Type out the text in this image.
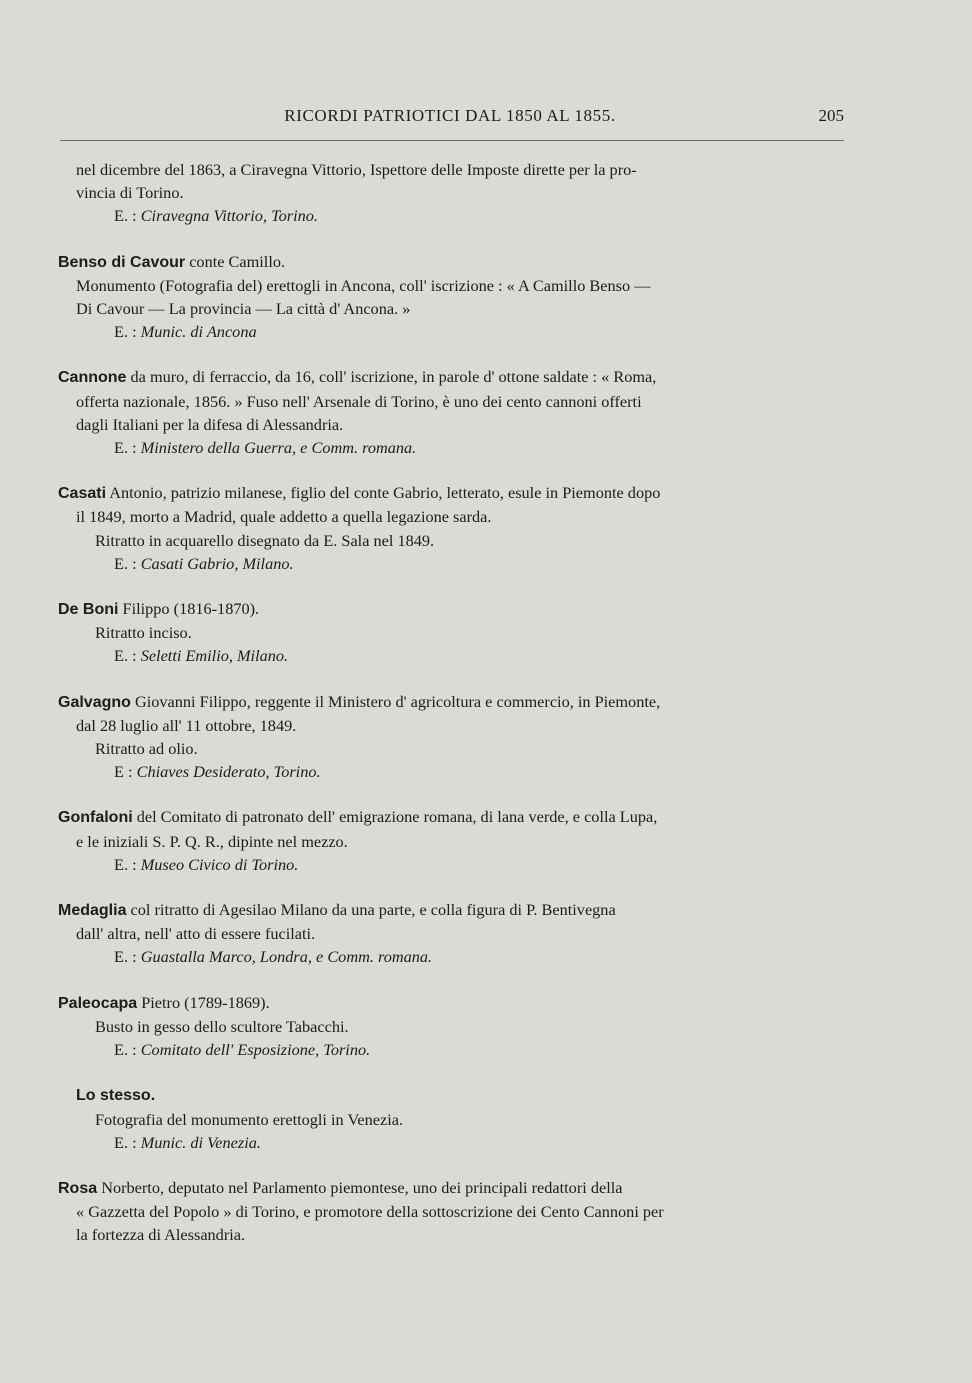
RICORDI PATRIOTICI DAL 1850 AL 1855.	205

nel dicembre del 1863, a Ciravegna Vittorio, Ispettore delle Imposte dirette per la pro-

vincia di Torino.

E. : Ciravegna Vittorio, Torino.

Benso di Cavour conte Camillo.

Monumento (Fotografia del) erettogli in Ancona, coll' iscrizione : « A Camillo Benso —

Di Cavour — La provincia — La città d' Ancona. »

E. : Munic. di Ancona

Cannone da muro, di ferraccio, da 16, coll' iscrizione, in parole d' ottone saldate : « Roma,

offerta nazionale, 1856. » Fuso nell' Arsenale di Torino, è uno dei cento cannoni offerti

dagli Italiani per la difesa di Alessandria.

E. : Ministero della Guerra, e Comm. romana.

Casati Antonio, patrizio milanese, figlio del conte Gabrio, letterato, esule in Piemonte dopo

il 1849, morto a Madrid, quale addetto a quella legazione sarda.

Ritratto in acquarello disegnato da E. Sala nel 1849.

E. : Casati Gabrio, Milano.

De Boni Filippo (1816-1870).

Ritratto inciso.

E. : Seletti Emilio, Milano.

Galvagno Giovanni Filippo, reggente il Ministero d' agricoltura e commercio, in Piemonte,

dal 28 luglio all' 11 ottobre, 1849.

Ritratto ad olio.

E : Chiaves Desiderato, Torino.

Gonfaloni del Comitato di patronato dell' emigrazione romana, di lana verde, e colla Lupa,

e le iniziali S. P. Q. R., dipinte nel mezzo.

E. : Museo Civico di Torino.

Medaglia col ritratto di Agesilao Milano da una parte, e colla figura di P. Bentivegna

dall' altra, nell' atto di essere fucilati.

E. : Guastalla Marco, Londra, e Comm. romana.

Paleocapa Pietro (1789-1869).

Busto in gesso dello scultore Tabacchi.

E. : Comitato dell' Esposizione, Torino.

Lo stesso.

Fotografia del monumento erettogli in Venezia.

E. : Munic. di Venezia.

Rosa Norberto, deputato nel Parlamento piemontese, uno dei principali redattori della

« Gazzetta del Popolo » di Torino, e promotore della sottoscrizione dei Cento Cannoni per

la fortezza di Alessandria.
